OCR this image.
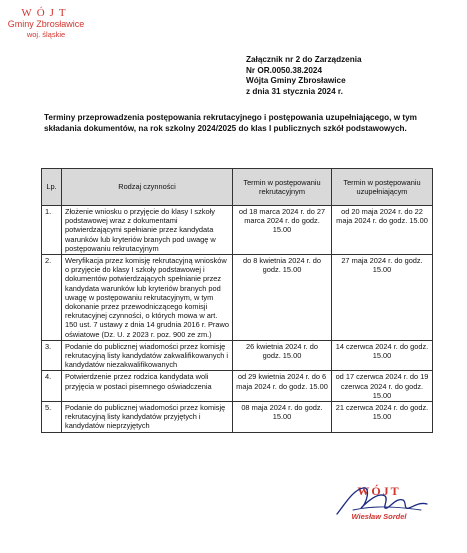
WÓJT
Gminy Zbrosławice
woj. śląskie
Załącznik nr 2 do Zarządzenia
Nr OR.0050.38.2024
Wójta Gminy Zbrosławice
z dnia 31 stycznia 2024 r.
Terminy przeprowadzenia postępowania rekrutacyjnego i postępowania uzupełniającego, w tym składania dokumentów, na rok szkolny 2024/2025 do klas I publicznych szkół podstawowych.
Lp.	Rodzaj czynności	Termin w postępowaniu rekrutacyjnym	Termin w postępowaniu uzupełniającym
1.	Złożenie wniosku o przyjęcie do klasy I szkoły podstawowej wraz z dokumentami potwierdzającymi spełnianie przez kandydata warunków lub kryteriów branych pod uwagę w postępowaniu rekrutacyjnym	od 18 marca 2024 r. do 27 marca 2024 r. do godz. 15.00	od 20 maja 2024 r. do 22 maja 2024 r. do godz. 15.00
2.	Weryfikacja przez komisję rekrutacyjną wniosków o przyjęcie do klasy I szkoły podstawowej i dokumentów potwierdzających spełnianie przez kandydata warunków lub kryteriów branych pod uwagę w postępowaniu rekrutacyjnym, w tym dokonanie przez przewodniczącego komisji rekrutacyjnej czynności, o których mowa w art. 150 ust. 7 ustawy z dnia 14 grudnia 2016 r. Prawo oświatowe (Dz. U. z 2023 r. poz. 900 ze zm.)	do 8 kwietnia 2024 r. do godz. 15.00	27 maja 2024 r. do godz. 15.00
3.	Podanie do publicznej wiadomości przez komisję rekrutacyjną listy kandydatów zakwalifikowanych i kandydatów niezakwalifikowanych	26 kwietnia 2024 r. do godz. 15.00	14 czerwca 2024 r. do godz. 15.00
4.	Potwierdzenie przez rodzica kandydata woli przyjęcia w postaci pisemnego oświadczenia	od 29 kwietnia 2024 r. do 6 maja 2024 r. do godz. 15.00	od 17 czerwca 2024 r. do 19 czerwca 2024 r. do godz. 15.00
5.	Podanie do publicznej wiadomości przez komisję rekrutacyjną listy kandydatów przyjętych i kandydatów nieprzyjętych	08 maja 2024 r. do godz. 15.00	21 czerwca 2024 r. do godz. 15.00
WÓJT
Wiesław Sordel
